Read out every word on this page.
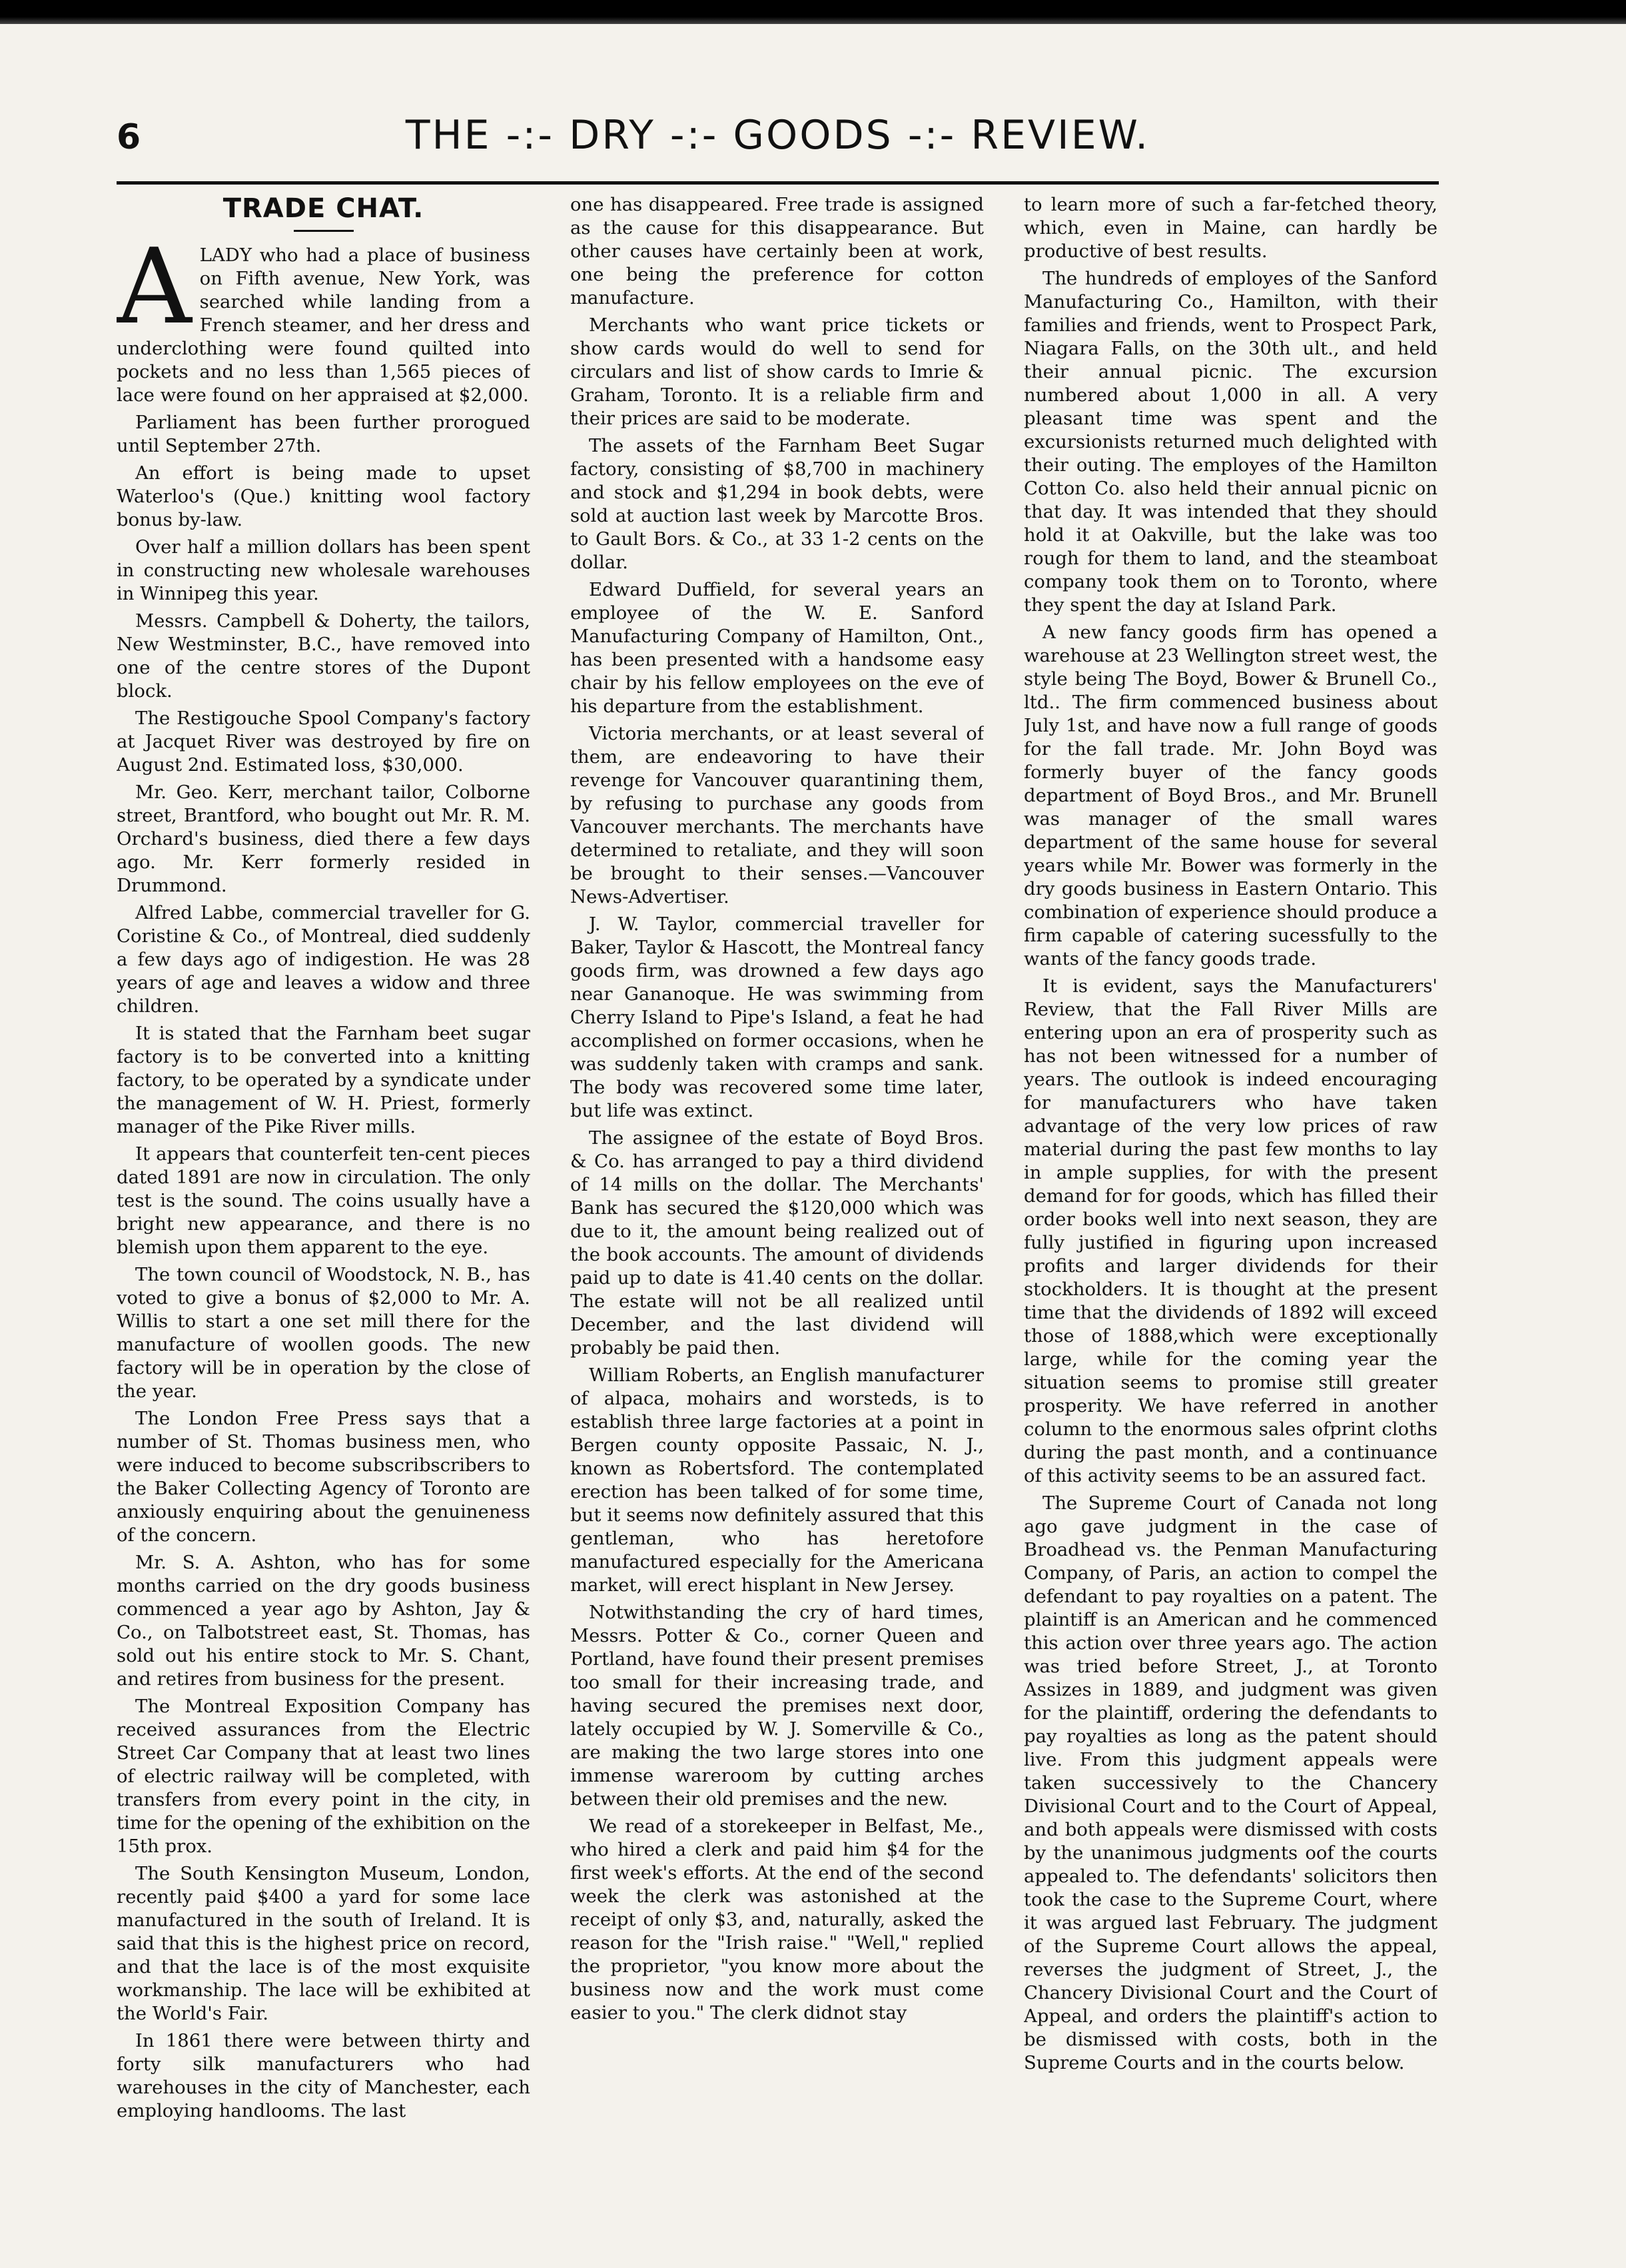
6	THE -:- DRY -:- GOODS -:- REVIEW.
TRADE CHAT.

ALADY who had a place of business on Fifth avenue, New York, was searched while landing from a French steamer, and her dress and underclothing were found quilted into pockets and no less than 1,565 pieces of lace were found on her appraised at $2,000.

Parliament has been further prorogued until September 27th.

An effort is being made to upset Waterloo's (Que.) knitting wool factory bonus by-law.

Over half a million dollars has been spent in constructing new wholesale warehouses in Winnipeg this year.

Messrs. Campbell & Doherty, the tailors, New Westminster, B.C., have removed into one of the centre stores of the Dupont block.

The Restigouche Spool Company's factory at Jacquet River was destroyed by fire on August 2nd. Estimated loss, $30,000.

Mr. Geo. Kerr, merchant tailor, Colborne street, Brantford, who bought out Mr. R. M. Orchard's business, died there a few days ago. Mr. Kerr formerly resided in Drummond.

Alfred Labbe, commercial traveller for G. Coristine & Co., of Montreal, died suddenly a few days ago of indigestion. He was 28 years of age and leaves a widow and three children.

It is stated that the Farnham beet sugar factory is to be converted into a knitting factory, to be operated by a syndicate under the management of W. H. Priest, formerly manager of the Pike River mills.

It appears that counterfeit ten-cent pieces dated 1891 are now in circulation. The only test is the sound. The coins usually have a bright new appearance, and there is no blemish upon them apparent to the eye.

The town council of Woodstock, N. B., has voted to give a bonus of $2,000 to Mr. A. Willis to start a one set mill there for the manufacture of woollen goods. The new factory will be in operation by the close of the year.

The London Free Press says that a number of St. Thomas business men, who were induced to become subscribscribers to the Baker Collecting Agency of Toronto are anxiously enquiring about the genuineness of the concern.

Mr. S. A. Ashton, who has for some months carried on the dry goods business commenced a year ago by Ashton, Jay & Co., on Talbotstreet east, St. Thomas, has sold out his entire stock to Mr. S. Chant, and retires from business for the present.

The Montreal Exposition Company has received assurances from the Electric Street Car Company that at least two lines of electric railway will be completed, with transfers from every point in the city, in time for the opening of the exhibition on the 15th prox.

The South Kensington Museum, London, recently paid $400 a yard for some lace manufactured in the south of Ireland. It is said that this is the highest price on record, and that the lace is of the most exquisite workmanship. The lace will be exhibited at the World's Fair.

In 1861 there were between thirty and forty silk manufacturers who had warehouses in the city of Manchester, each employing handlooms. The last

one has disappeared. Free trade is assigned as the cause for this disappearance. But other causes have certainly been at work, one being the preference for cotton manufacture.

Merchants who want price tickets or show cards would do well to send for circulars and list of show cards to Imrie & Graham, Toronto. It is a reliable firm and their prices are said to be moderate.

The assets of the Farnham Beet Sugar factory, consisting of $8,700 in machinery and stock and $1,294 in book debts, were sold at auction last week by Marcotte Bros. to Gault Bors. & Co., at 33 1-2 cents on the dollar.

Edward Duffield, for several years an employee of the W. E. Sanford Manufacturing Company of Hamilton, Ont., has been presented with a handsome easy chair by his fellow employees on the eve of his departure from the establishment.

Victoria merchants, or at least several of them, are endeavoring to have their revenge for Vancouver quarantining them, by refusing to purchase any goods from Vancouver merchants. The merchants have determined to retaliate, and they will soon be brought to their senses.—Vancouver News-Advertiser.

J. W. Taylor, commercial traveller for Baker, Taylor & Hascott, the Montreal fancy goods firm, was drowned a few days ago near Gananoque. He was swimming from Cherry Island to Pipe's Island, a feat he had accomplished on former occasions, when he was suddenly taken with cramps and sank. The body was recovered some time later, but life was extinct.

The assignee of the estate of Boyd Bros. & Co. has arranged to pay a third dividend of 14 mills on the dollar. The Merchants' Bank has secured the $120,000 which was due to it, the amount being realized out of the book accounts. The amount of dividends paid up to date is 41.40 cents on the dollar. The estate will not be all realized until December, and the last dividend will probably be paid then.

William Roberts, an English manufacturer of alpaca, mohairs and worsteds, is to establish three large factories at a point in Bergen county opposite Passaic, N. J., known as Robertsford. The contemplated erection has been talked of for some time, but it seems now definitely assured that this gentleman, who has heretofore manufactured especially for the Americana market, will erect hisplant in New Jersey.

Notwithstanding the cry of hard times, Messrs. Potter & Co., corner Queen and Portland, have found their present premises too small for their increasing trade, and having secured the premises next door, lately occupied by W. J. Somerville & Co., are making the two large stores into one immense wareroom by cutting arches between their old premises and the new.

We read of a storekeeper in Belfast, Me., who hired a clerk and paid him $4 for the first week's efforts. At the end of the second week the clerk was astonished at the receipt of only $3, and, naturally, asked the reason for the "Irish raise." "Well," replied the proprietor, "you know more about the business now and the work must come easier to you." The clerk didnot stay

to learn more of such a far-fetched theory, which, even in Maine, can hardly be productive of best results.

The hundreds of employes of the Sanford Manufacturing Co., Hamilton, with their families and friends, went to Prospect Park, Niagara Falls, on the 30th ult., and held their annual picnic. The excursion numbered about 1,000 in all. A very pleasant time was spent and the excursionists returned much delighted with their outing. The employes of the Hamilton Cotton Co. also held their annual picnic on that day. It was intended that they should hold it at Oakville, but the lake was too rough for them to land, and the steamboat company took them on to Toronto, where they spent the day at Island Park.

A new fancy goods firm has opened a warehouse at 23 Wellington street west, the style being The Boyd, Bower & Brunell Co., ltd.. The firm commenced business about July 1st, and have now a full range of goods for the fall trade. Mr. John Boyd was formerly buyer of the fancy goods department of Boyd Bros., and Mr. Brunell was manager of the small wares department of the same house for several years while Mr. Bower was formerly in the dry goods business in Eastern Ontario. This combination of experience should produce a firm capable of catering sucessfully to the wants of the fancy goods trade.

It is evident, says the Manufacturers' Review, that the Fall River Mills are entering upon an era of prosperity such as has not been witnessed for a number of years. The outlook is indeed encouraging for manufacturers who have taken advantage of the very low prices of raw material during the past few months to lay in ample supplies, for with the present demand for for goods, which has filled their order books well into next season, they are fully justified in figuring upon increased profits and larger dividends for their stockholders. It is thought at the present time that the dividends of 1892 will exceed those of 1888,which were exceptionally large, while for the coming year the situation seems to promise still greater prosperity. We have referred in another column to the enormous sales ofprint cloths during the past month, and a continuance of this activity seems to be an assured fact.

The Supreme Court of Canada not long ago gave judgment in the case of Broadhead vs. the Penman Manufacturing Company, of Paris, an action to compel the defendant to pay royalties on a patent. The plaintiff is an American and he commenced this action over three years ago. The action was tried before Street, J., at Toronto Assizes in 1889, and judgment was given for the plaintiff, ordering the defendants to pay royalties as long as the patent should live. From this judgment appeals were taken successively to the Chancery Divisional Court and to the Court of Appeal, and both appeals were dismissed with costs by the unanimous judgments oof the courts appealed to. The defendants' solicitors then took the case to the Supreme Court, where it was argued last February. The judgment of the Supreme Court allows the appeal, reverses the judgment of Street, J., the Chancery Divisional Court and the Court of Appeal, and orders the plaintiff's action to be dismissed with costs, both in the Supreme Courts and in the courts below.
